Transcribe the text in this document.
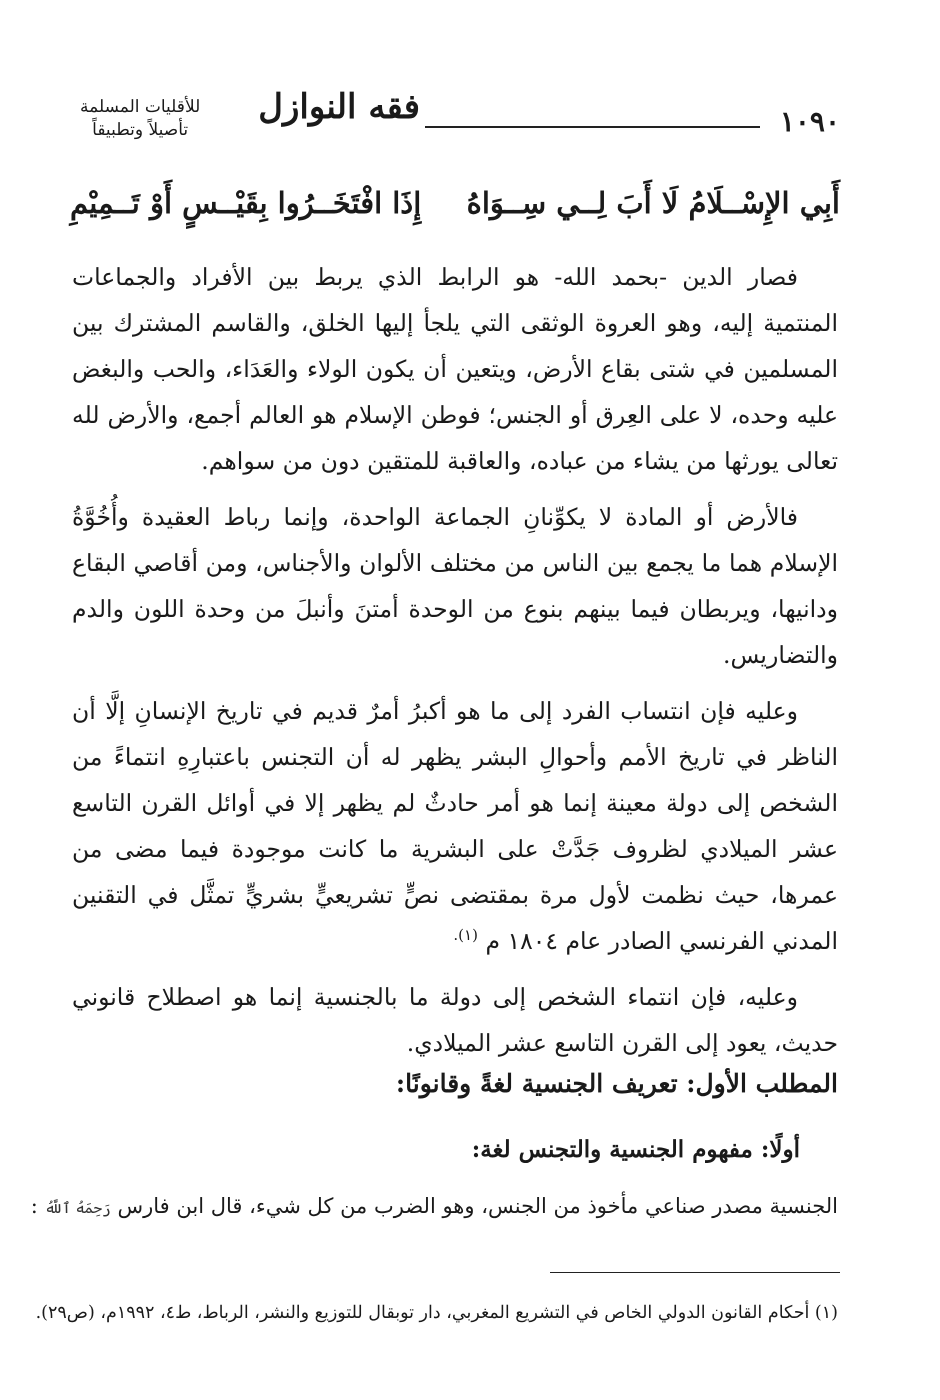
للأقليات المسلمة
تأصيلاً وتطبيقاً
فقه النوازل	١٠٩٠
أَبِي الإِسْــلَامُ لَا أَبَ لِــي سِــوَاهُ
إِذَا افْتَخَــرُوا بِقَيْــسٍ أَوْ تَــمِيْمِ

فصار الدين -بحمد الله- هو الرابط الذي يربط بين الأفراد والجماعات المنتمية إليه، وهو العروة الوثقى التي يلجأ إليها الخلق، والقاسم المشترك بين المسلمين في شتى بقاع الأرض، ويتعين أن يكون الولاء والعَدَاء، والحب والبغض عليه وحده، لا على العِرق أو الجنس؛ فوطن الإسلام هو العالم أجمع، والأرض لله تعالى يورثها من يشاء من عباده، والعاقبة للمتقين دون من سواهم.

فالأرض أو المادة لا يكوِّنانِ الجماعة الواحدة، وإنما رباط العقيدة وأُخُوَّةُ الإسلام هما ما يجمع بين الناس من مختلف الألوان والأجناس، ومن أقاصي البقاع ودانيها، ويربطان فيما بينهم بنوع من الوحدة أمتنَ وأنبلَ من وحدة اللون والدم والتضاريس.

وعليه فإن انتساب الفرد إلى ما هو أكبرُ أمرٌ قديم في تاريخ الإنسانِ إلَّا أن الناظر في تاريخ الأمم وأحوالِ البشر يظهر له أن التجنس باعتبارِهِ انتماءً من الشخص إلى دولة معينة إنما هو أمر حادثٌ لم يظهر إلا في أوائل القرن التاسع عشر الميلادي لظروف جَدَّتْ على البشرية ما كانت موجودة فيما مضى من عمرها، حيث نظمت لأول مرة بمقتضى نصٍّ تشريعيٍّ بشريٍّ تمثَّل في التقنين المدني الفرنسي الصادر عام ١٨٠٤ م $^{(١).}$

وعليه، فإن انتماء الشخص إلى دولة ما بالجنسية إنما هو اصطلاح قانوني حديث، يعود إلى القرن التاسع عشر الميلادي.

المطلب الأول: تعريف الجنسية لغةً وقانونًا:
أولًا: مفهوم الجنسية والتجنس لغة:
الجنسية مصدر صناعي مأخوذ من الجنس، وهو الضرب من كل شيء، قال ابن فارس رَحِمَهُ ٱللَّهُ :
(١) أحكام القانون الدولي الخاص في التشريع المغربي، دار توبقال للتوزيع والنشر، الرباط، ط٤، ١٩٩٢م، (ص٢٩).
